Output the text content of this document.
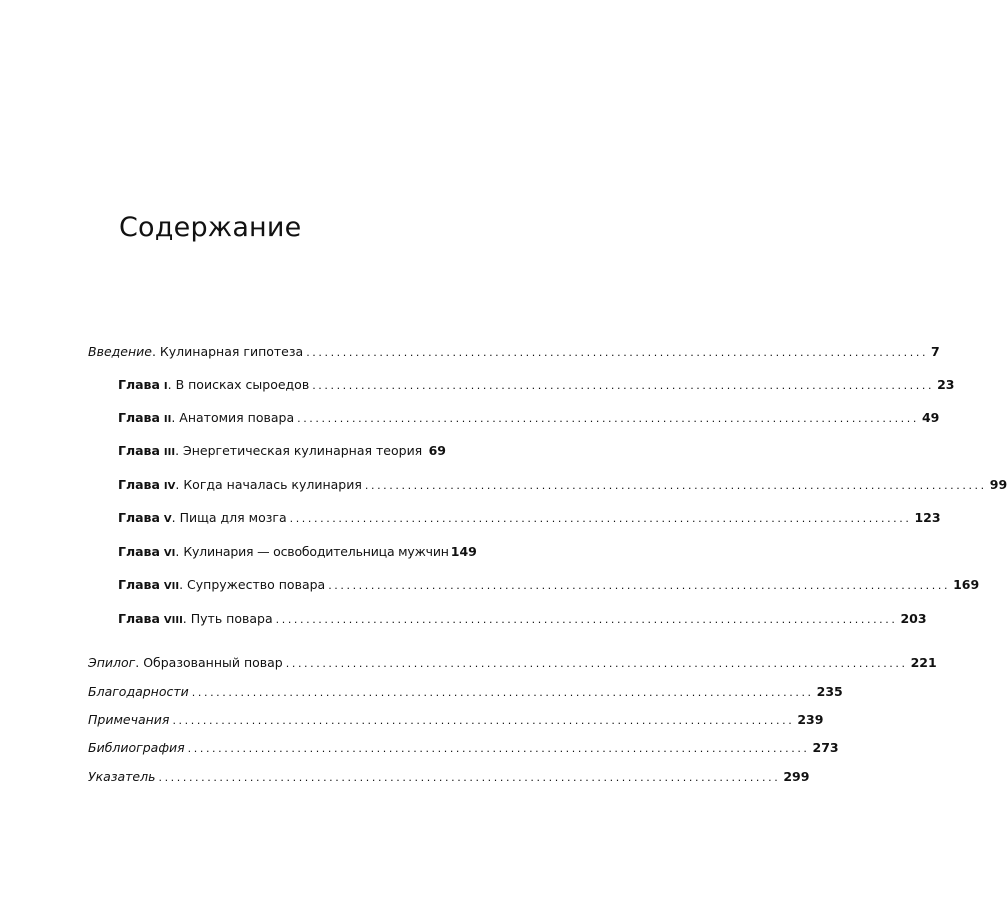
Содержание
Введение . Кулинарная гипотеза ...................................................................................................... 7
Глава
I . В поисках сыроедов ...................................................................................................... 23
Глава
II . Анатомия повара ...................................................................................................... 49
Глава
III . Энергетическая кулинарная теория 69
Глава
IV . Когда началась кулинария ...................................................................................................... 99
Глава
V . Пища для мозга ...................................................................................................... 123
Глава
VI . Кулинария — освободительница мужчин 149
Глава
VII . Супружество повара ...................................................................................................... 169
Глава
VIII . Путь повара ...................................................................................................... 203
Эпилог . Образованный повар ...................................................................................................... 221
Благодарности ...................................................................................................... 235
Примечания ...................................................................................................... 239
Библиография ...................................................................................................... 273
Указатель ...................................................................................................... 299
